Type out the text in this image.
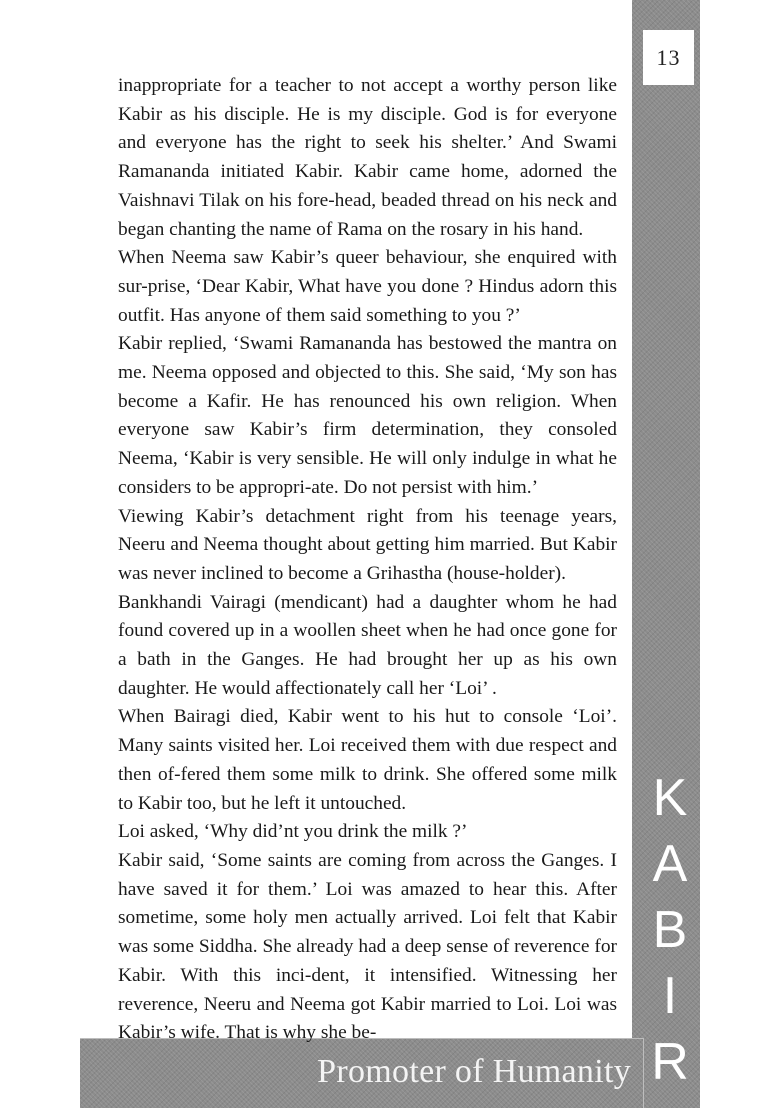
13
K
A
B
I
R
Promoter of Humanity

inappropriate for a teacher to not accept a worthy person like Kabir as his disciple. He is my disciple. God is for everyone and everyone has the right to seek his shelter.’ And Swami Ramananda initiated Kabir. Kabir came home, adorned the Vaishnavi Tilak on his fore-head, beaded thread on his neck and began chanting the name of Rama on the rosary in his hand.

When Neema saw Kabir’s queer behaviour, she enquired with sur-prise, ‘Dear Kabir, What have you done ? Hindus adorn this outfit. Has anyone of them said something to you ?’

Kabir replied, ‘Swami Ramananda has bestowed the mantra on me. Neema opposed and objected to this. She said, ‘My son has become a Kafir. He has renounced his own religion. When everyone saw Kabir’s firm determination, they consoled Neema, ‘Kabir is very sensible. He will only indulge in what he considers to be appropri-ate. Do not persist with him.’

Viewing Kabir’s detachment right from his teenage years, Neeru and Neema thought about getting him married. But Kabir was never inclined to become a Grihastha (house-holder).

Bankhandi Vairagi (mendicant) had a daughter whom he had found covered up in a woollen sheet when he had once gone for a bath in the Ganges. He had brought her up as his own daughter. He would affectionately call her ‘Loi’ .

When Bairagi died, Kabir went to his hut to console ‘Loi’. Many saints visited her. Loi received them with due respect and then of-fered them some milk to drink. She offered some milk to Kabir too, but he left it untouched.

Loi asked, ‘Why did’nt you drink the milk ?’

Kabir said, ‘Some saints are coming from across the Ganges. I have saved it for them.’ Loi was amazed to hear this. After sometime, some holy men actually arrived. Loi felt that Kabir was some Siddha. She already had a deep sense of reverence for Kabir. With this inci-dent, it intensified. Witnessing her reverence, Neeru and Neema got Kabir married to Loi. Loi was Kabir’s wife. That is why she be-
